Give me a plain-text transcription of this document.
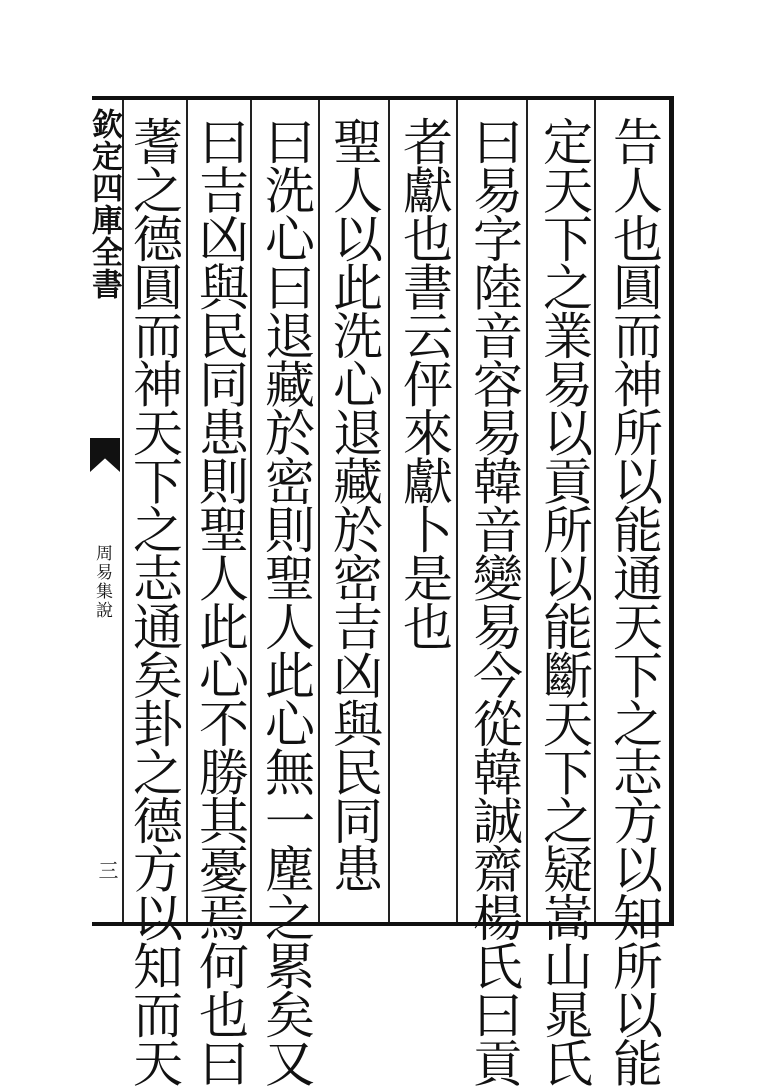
欽定四庫全書
周易集說
三	告人也圓而神所以能通天下之志方以知所以能
定天下之業易以貢所以能斷天下之疑嵩山晁氏
曰易字陸音容易韓音變易今從韓誠齋楊氏曰貢
者獻也書云伻來獻卜是也
聖人以此洗心退藏於密吉凶與民同患
曰洗心曰退藏於密則聖人此心無一塵之累矣又
曰吉凶與民同患則聖人此心不勝其憂焉何也曰
蓍之德圓而神天下之志通矣卦之德方以知而天
